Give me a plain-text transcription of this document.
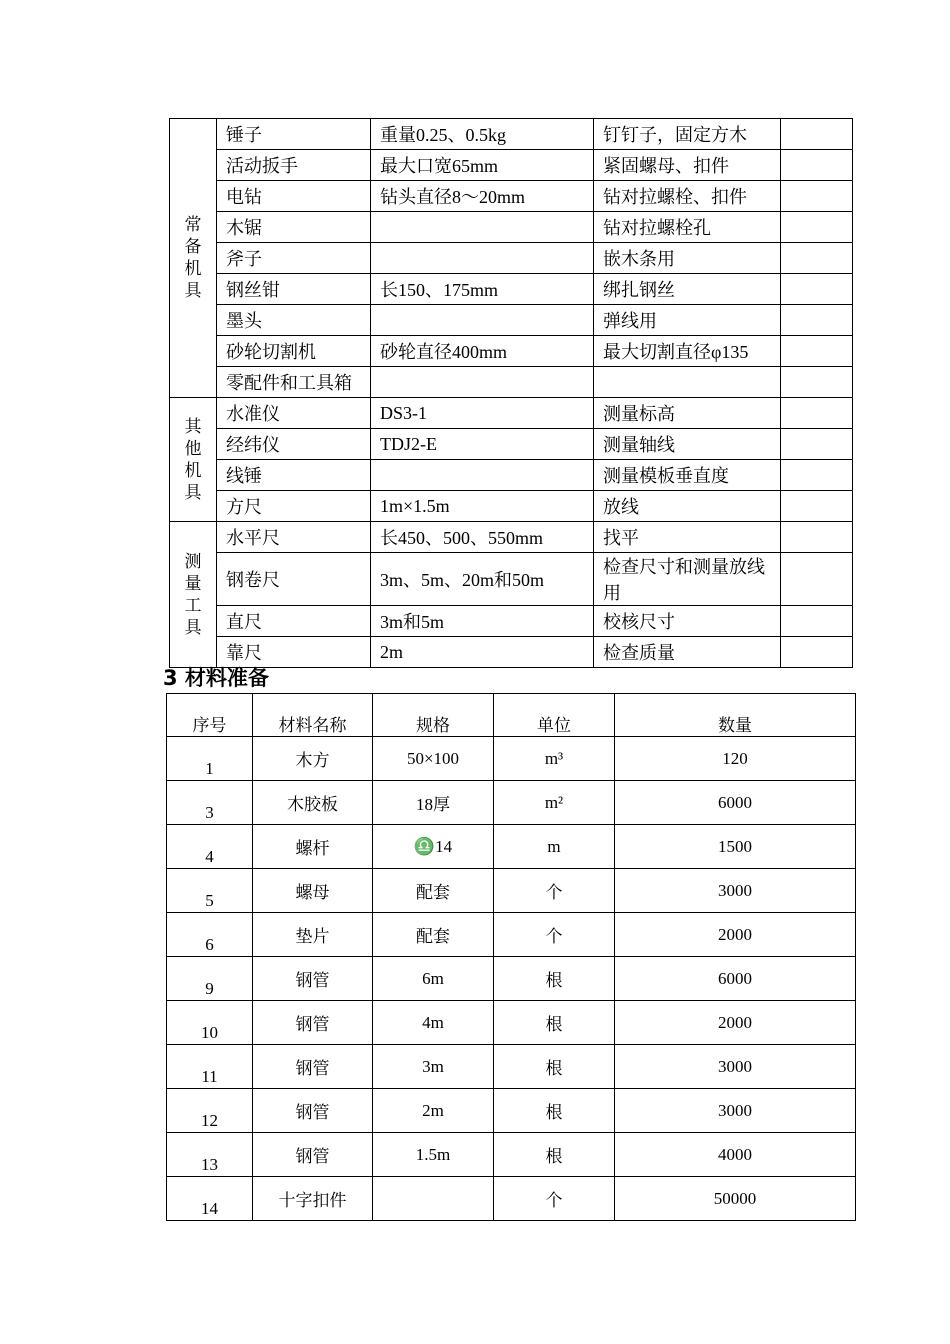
常备机具	锤子	重量0.25、0.5kg	钉钉子，固定方木	
	活动扳手	最大口宽65mm	紧固螺母、扣件	
	电钻	钻头直径8～20mm	钻对拉螺栓、扣件	
	木锯		钻对拉螺栓孔	
	斧子		嵌木条用	
	钢丝钳	长150、175mm	绑扎钢丝	
	墨头		弹线用	
	砂轮切割机	砂轮直径400mm	最大切割直径φ135	
	零配件和工具箱			
其他机具	水准仪	DS3-1	测量标高	
	经纬仪	TDJ2-E	测量轴线	
	线锤		测量模板垂直度	
	方尺	1m×1.5m	放线	
测量工具	水平尺	长450、500、550mm	找平	
	钢卷尺	3m、5m、20m和50m	检查尺寸和测量放线用	
	直尺	3m和5m	校核尺寸	
	靠尺	2m	检查质量	
3 材料准备
序号	材料名称	规格	单位	数量
1	木方	50×100	m³	120
3	木胶板	18厚	m²	6000
4	螺杆	♎14	m	1500
5	螺母	配套	个	3000
6	垫片	配套	个	2000
9	钢管	6m	根	6000
10	钢管	4m	根	2000
11	钢管	3m	根	3000
12	钢管	2m	根	3000
13	钢管	1.5m	根	4000
14	十字扣件		个	50000
